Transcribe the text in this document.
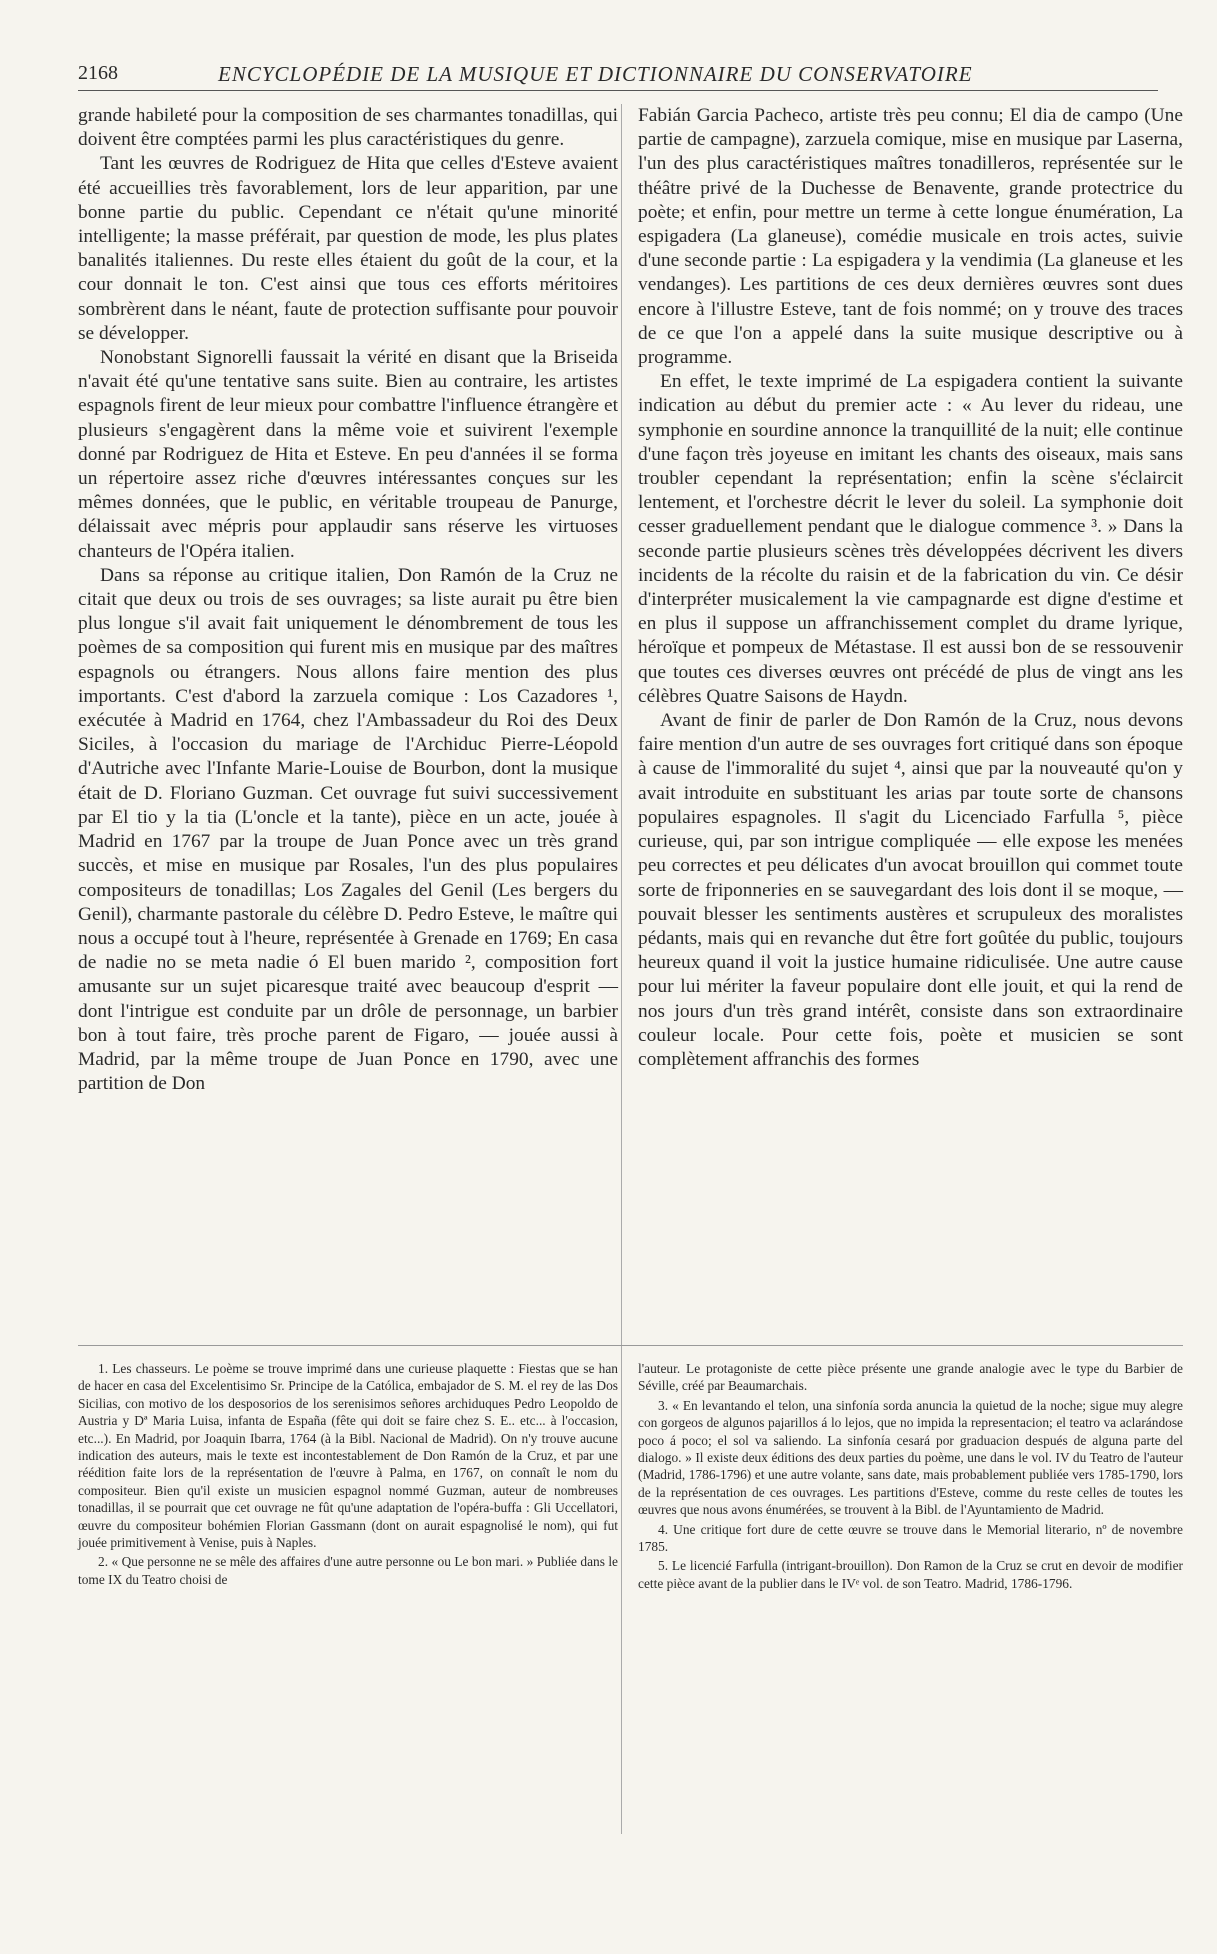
2168	ENCYCLOPÉDIE DE LA MUSIQUE ET DICTIONNAIRE DU CONSERVATOIRE

grande habileté pour la composition de ses charmantes tonadillas, qui doivent être comptées parmi les plus caractéristiques du genre.

Tant les œuvres de Rodriguez de Hita que celles d'Esteve avaient été accueillies très favorablement, lors de leur apparition, par une bonne partie du public. Cependant ce n'était qu'une minorité intelligente; la masse préférait, par question de mode, les plus plates banalités italiennes. Du reste elles étaient du goût de la cour, et la cour donnait le ton. C'est ainsi que tous ces efforts méritoires sombrèrent dans le néant, faute de protection suffisante pour pouvoir se développer.

Nonobstant Signorelli faussait la vérité en disant que la Briseida n'avait été qu'une tentative sans suite. Bien au contraire, les artistes espagnols firent de leur mieux pour combattre l'influence étrangère et plusieurs s'engagèrent dans la même voie et suivirent l'exemple donné par Rodriguez de Hita et Esteve. En peu d'années il se forma un répertoire assez riche d'œuvres intéressantes conçues sur les mêmes données, que le public, en véritable troupeau de Panurge, délaissait avec mépris pour applaudir sans réserve les virtuoses chanteurs de l'Opéra italien.

Dans sa réponse au critique italien, Don Ramón de la Cruz ne citait que deux ou trois de ses ouvrages; sa liste aurait pu être bien plus longue s'il avait fait uniquement le dénombrement de tous les poèmes de sa composition qui furent mis en musique par des maîtres espagnols ou étrangers. Nous allons faire mention des plus importants. C'est d'abord la zarzuela comique : Los Cazadores ¹, exécutée à Madrid en 1764, chez l'Ambassadeur du Roi des Deux Siciles, à l'occasion du mariage de l'Archiduc Pierre-Léopold d'Autriche avec l'Infante Marie-Louise de Bourbon, dont la musique était de D. Floriano Guzman. Cet ouvrage fut suivi successivement par El tio y la tia (L'oncle et la tante), pièce en un acte, jouée à Madrid en 1767 par la troupe de Juan Ponce avec un très grand succès, et mise en musique par Rosales, l'un des plus populaires compositeurs de tonadillas; Los Zagales del Genil (Les bergers du Genil), charmante pastorale du célèbre D. Pedro Esteve, le maître qui nous a occupé tout à l'heure, représentée à Grenade en 1769; En casa de nadie no se meta nadie ó El buen marido ², composition fort amusante sur un sujet picaresque traité avec beaucoup d'esprit — dont l'intrigue est conduite par un drôle de personnage, un barbier bon à tout faire, très proche parent de Figaro, — jouée aussi à Madrid, par la même troupe de Juan Ponce en 1790, avec une partition de Don

Fabián Garcia Pacheco, artiste très peu connu; El dia de campo (Une partie de campagne), zarzuela comique, mise en musique par Laserna, l'un des plus caractéristiques maîtres tonadilleros, représentée sur le théâtre privé de la Duchesse de Benavente, grande protectrice du poète; et enfin, pour mettre un terme à cette longue énumération, La espigadera (La glaneuse), comédie musicale en trois actes, suivie d'une seconde partie : La espigadera y la vendimia (La glaneuse et les vendanges). Les partitions de ces deux dernières œuvres sont dues encore à l'illustre Esteve, tant de fois nommé; on y trouve des traces de ce que l'on a appelé dans la suite musique descriptive ou à programme.

En effet, le texte imprimé de La espigadera contient la suivante indication au début du premier acte : « Au lever du rideau, une symphonie en sourdine annonce la tranquillité de la nuit; elle continue d'une façon très joyeuse en imitant les chants des oiseaux, mais sans troubler cependant la représentation; enfin la scène s'éclaircit lentement, et l'orchestre décrit le lever du soleil. La symphonie doit cesser graduellement pendant que le dialogue commence ³. » Dans la seconde partie plusieurs scènes très développées décrivent les divers incidents de la récolte du raisin et de la fabrication du vin. Ce désir d'interpréter musicalement la vie campagnarde est digne d'estime et en plus il suppose un affranchissement complet du drame lyrique, héroïque et pompeux de Métastase. Il est aussi bon de se ressouvenir que toutes ces diverses œuvres ont précédé de plus de vingt ans les célèbres Quatre Saisons de Haydn.

Avant de finir de parler de Don Ramón de la Cruz, nous devons faire mention d'un autre de ses ouvrages fort critiqué dans son époque à cause de l'immoralité du sujet ⁴, ainsi que par la nouveauté qu'on y avait introduite en substituant les arias par toute sorte de chansons populaires espagnoles. Il s'agit du Licenciado Farfulla ⁵, pièce curieuse, qui, par son intrigue compliquée — elle expose les menées peu correctes et peu délicates d'un avocat brouillon qui commet toute sorte de friponneries en se sauvegardant des lois dont il se moque, — pouvait blesser les sentiments austères et scrupuleux des moralistes pédants, mais qui en revanche dut être fort goûtée du public, toujours heureux quand il voit la justice humaine ridiculisée. Une autre cause pour lui mériter la faveur populaire dont elle jouit, et qui la rend de nos jours d'un très grand intérêt, consiste dans son extraordinaire couleur locale. Pour cette fois, poète et musicien se sont complètement affranchis des formes

1. Les chasseurs. Le poème se trouve imprimé dans une curieuse plaquette : Fiestas que se han de hacer en casa del Excelentisimo Sr. Principe de la Católica, embajador de S. M. el rey de las Dos Sicilias, con motivo de los desposorios de los serenisimos señores archiduques Pedro Leopoldo de Austria y Dª Maria Luisa, infanta de España (fête qui doit se faire chez S. E.. etc... à l'occasion, etc...). En Madrid, por Joaquin Ibarra, 1764 (à la Bibl. Nacional de Madrid). On n'y trouve aucune indication des auteurs, mais le texte est incontestablement de Don Ramón de la Cruz, et par une réédition faite lors de la représentation de l'œuvre à Palma, en 1767, on connaît le nom du compositeur. Bien qu'il existe un musicien espagnol nommé Guzman, auteur de nombreuses tonadillas, il se pourrait que cet ouvrage ne fût qu'une adaptation de l'opéra-buffa : Gli Uccellatori, œuvre du compositeur bohémien Florian Gassmann (dont on aurait espagnolisé le nom), qui fut jouée primitivement à Venise, puis à Naples.

2. « Que personne ne se mêle des affaires d'une autre personne ou Le bon mari. » Publiée dans le tome IX du Teatro choisi de

l'auteur. Le protagoniste de cette pièce présente une grande analogie avec le type du Barbier de Séville, créé par Beaumarchais.

3. « En levantando el telon, una sinfonía sorda anuncia la quietud de la noche; sigue muy alegre con gorgeos de algunos pajarillos á lo lejos, que no impida la representacion; el teatro va aclarándose poco á poco; el sol va saliendo. La sinfonía cesará por graduacion después de alguna parte del dialogo. » Il existe deux éditions des deux parties du poème, une dans le vol. IV du Teatro de l'auteur (Madrid, 1786-1796) et une autre volante, sans date, mais probablement publiée vers 1785-1790, lors de la représentation de ces ouvrages. Les partitions d'Esteve, comme du reste celles de toutes les œuvres que nous avons énumérées, se trouvent à la Bibl. de l'Ayuntamiento de Madrid.

4. Une critique fort dure de cette œuvre se trouve dans le Memorial literario, nº de novembre 1785.

5. Le licencié Farfulla (intrigant-brouillon). Don Ramon de la Cruz se crut en devoir de modifier cette pièce avant de la publier dans le IVᵉ vol. de son Teatro. Madrid, 1786-1796.
